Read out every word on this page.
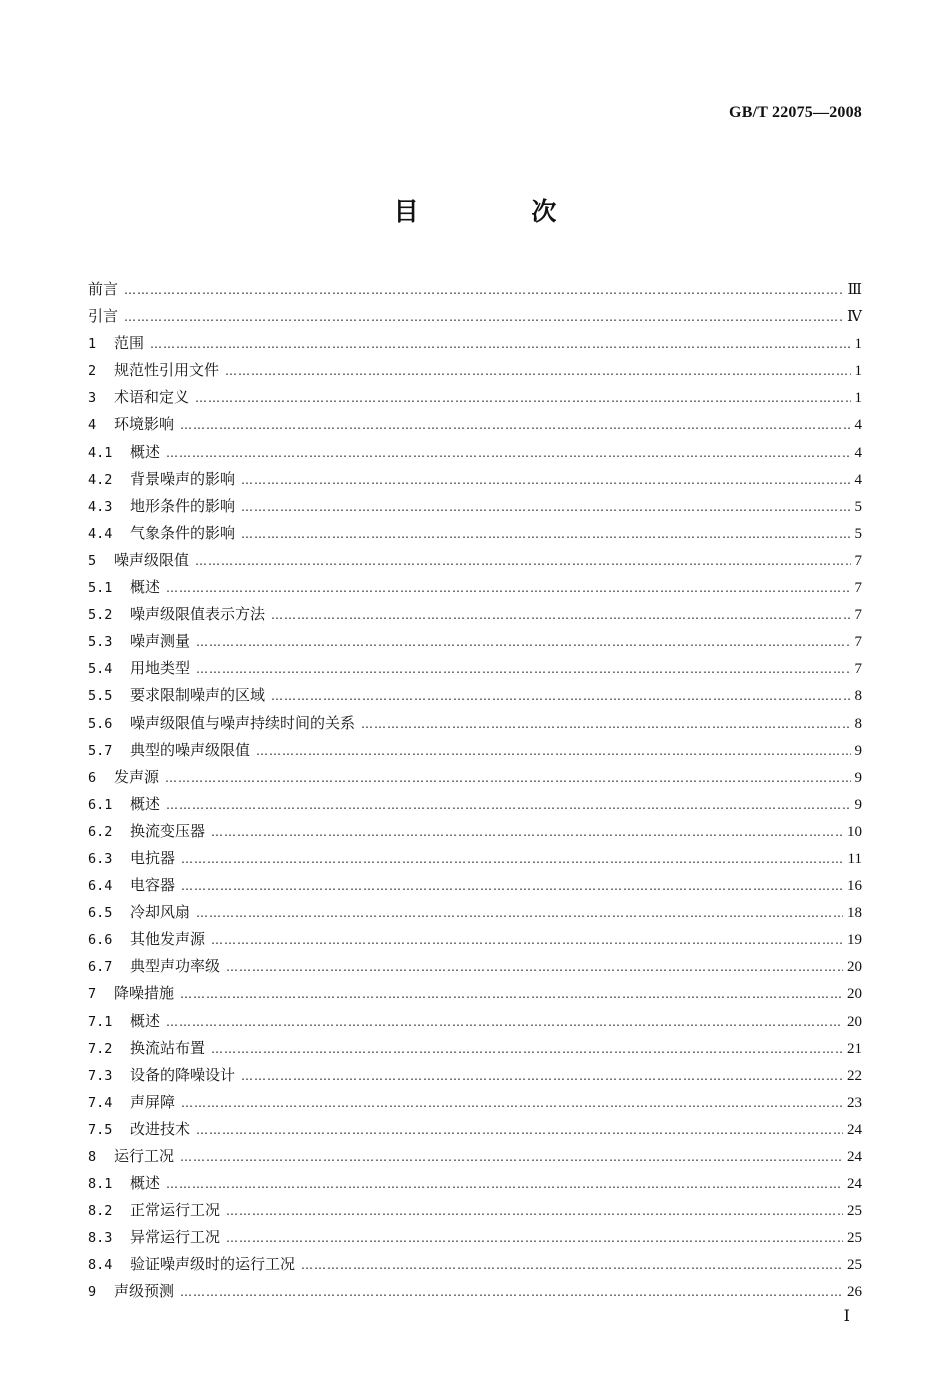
GB/T 22075—2008
目 次
前言 ……………………………………………………………………………………………………………………………………………………………………………………………………………………	Ⅲ
引言 ……………………………………………………………………………………………………………………………………………………………………………………………………………………	Ⅳ
1	范围 ……………………………………………………………………………………………………………………………………………………………………………………………………………………	1
2	规范性引用文件 ……………………………………………………………………………………………………………………………………………………………………………………………………………………	1
3	术语和定义 ……………………………………………………………………………………………………………………………………………………………………………………………………………………	1
4	环境影响 ……………………………………………………………………………………………………………………………………………………………………………………………………………………	4
4.1	概述 ……………………………………………………………………………………………………………………………………………………………………………………………………………………	4
4.2	背景噪声的影响 ……………………………………………………………………………………………………………………………………………………………………………………………………………………	4
4.3	地形条件的影响 ……………………………………………………………………………………………………………………………………………………………………………………………………………………	5
4.4	气象条件的影响 ……………………………………………………………………………………………………………………………………………………………………………………………………………………	5
5	噪声级限值 ……………………………………………………………………………………………………………………………………………………………………………………………………………………	7
5.1	概述 ……………………………………………………………………………………………………………………………………………………………………………………………………………………	7
5.2	噪声级限值表示方法 ……………………………………………………………………………………………………………………………………………………………………………………………………………………	7
5.3	噪声测量 ……………………………………………………………………………………………………………………………………………………………………………………………………………………	7
5.4	用地类型 ……………………………………………………………………………………………………………………………………………………………………………………………………………………	7
5.5	要求限制噪声的区域 ……………………………………………………………………………………………………………………………………………………………………………………………………………………	8
5.6	噪声级限值与噪声持续时间的关系 ……………………………………………………………………………………………………………………………………………………………………………………………………………………	8
5.7	典型的噪声级限值 ……………………………………………………………………………………………………………………………………………………………………………………………………………………	9
6	发声源 ……………………………………………………………………………………………………………………………………………………………………………………………………………………	9
6.1	概述 ……………………………………………………………………………………………………………………………………………………………………………………………………………………	9
6.2	换流变压器 ……………………………………………………………………………………………………………………………………………………………………………………………………………………	10
6.3	电抗器 ……………………………………………………………………………………………………………………………………………………………………………………………………………………	11
6.4	电容器 ……………………………………………………………………………………………………………………………………………………………………………………………………………………	16
6.5	冷却风扇 ……………………………………………………………………………………………………………………………………………………………………………………………………………………	18
6.6	其他发声源 ……………………………………………………………………………………………………………………………………………………………………………………………………………………	19
6.7	典型声功率级 ……………………………………………………………………………………………………………………………………………………………………………………………………………………	20
7	降噪措施 ……………………………………………………………………………………………………………………………………………………………………………………………………………………	20
7.1	概述 ……………………………………………………………………………………………………………………………………………………………………………………………………………………	20
7.2	换流站布置 ……………………………………………………………………………………………………………………………………………………………………………………………………………………	21
7.3	设备的降噪设计 ……………………………………………………………………………………………………………………………………………………………………………………………………………………	22
7.4	声屏障 ……………………………………………………………………………………………………………………………………………………………………………………………………………………	23
7.5	改进技术 ……………………………………………………………………………………………………………………………………………………………………………………………………………………	24
8	运行工况 ……………………………………………………………………………………………………………………………………………………………………………………………………………………	24
8.1	概述 ……………………………………………………………………………………………………………………………………………………………………………………………………………………	24
8.2	正常运行工况 ……………………………………………………………………………………………………………………………………………………………………………………………………………………	25
8.3	异常运行工况 ……………………………………………………………………………………………………………………………………………………………………………………………………………………	25
8.4	验证噪声级时的运行工况 ……………………………………………………………………………………………………………………………………………………………………………………………………………………	25
9	声级预测 ……………………………………………………………………………………………………………………………………………………………………………………………………………………	26
Ⅰ
